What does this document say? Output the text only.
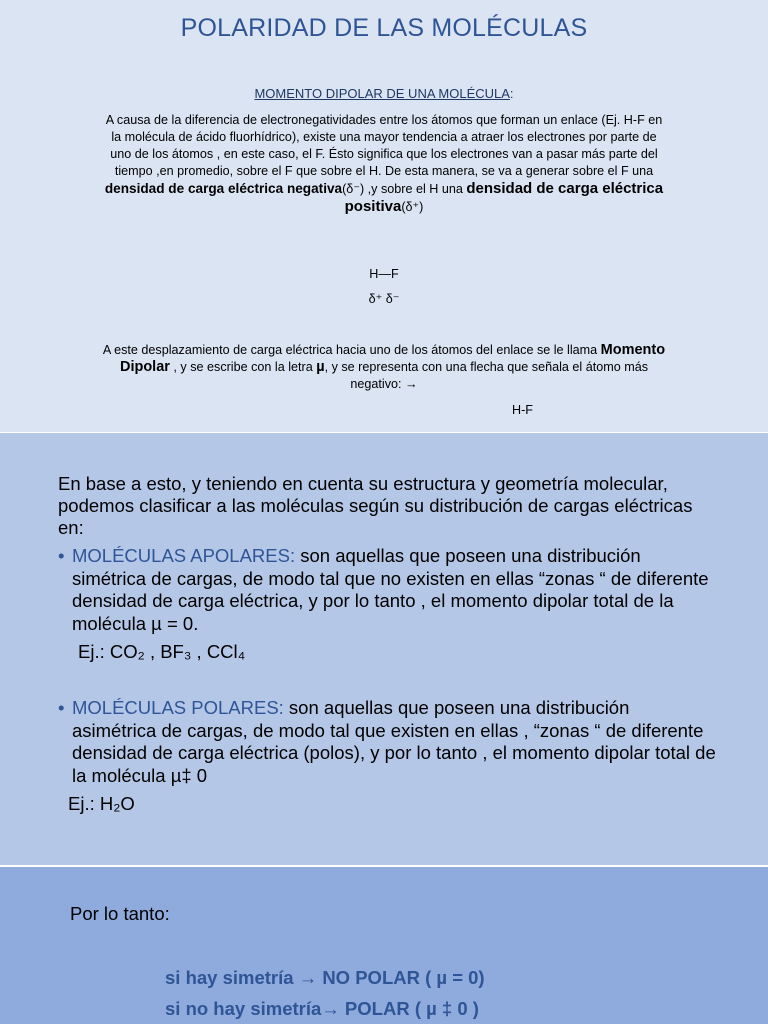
POLARIDAD DE LAS MOLÉCULAS
MOMENTO DIPOLAR DE UNA MOLÉCULA:
A causa de la diferencia de electronegatividades entre los átomos que forman un enlace (Ej. H-F en la molécula de ácido fluorhídrico), existe una mayor tendencia a atraer los electrones por parte de uno de los átomos , en este caso, el F. Ésto significa que los electrones van a pasar más parte del tiempo ,en promedio, sobre el F que sobre el H. De esta manera, se va a generar sobre el F una densidad de carga eléctrica negativa(δ⁻) ,y sobre el H una densidad de carga eléctrica positiva(δ⁺)
H—F
δ⁺ δ⁻
A este desplazamiento de carga eléctrica hacia uno de los átomos del enlace se le llama Momento Dipolar , y se escribe con la letra µ, y se representa con una flecha que señala el átomo más negativo: →
H-F
En base a esto, y teniendo en cuenta su estructura y geometría molecular, podemos clasificar a las moléculas según su distribución de cargas eléctricas en:
• MOLÉCULAS APOLARES: son aquellas que poseen una distribución simétrica de cargas, de modo tal que no existen en ellas “zonas “ de diferente densidad de carga eléctrica, y por lo tanto , el momento dipolar total de la molécula µ = 0.
Ej.: CO₂ , BF₃ , CCl₄
• MOLÉCULAS POLARES: son aquellas que poseen una distribución asimétrica de cargas, de modo tal que existen en ellas , “zonas “ de diferente densidad de carga eléctrica (polos), y por lo tanto , el momento dipolar total de la molécula µ‡ 0
Ej.: H₂O
Por lo tanto:
si hay simetría → NO POLAR ( µ = 0)
si no hay simetría→ POLAR ( µ ‡ 0 )
